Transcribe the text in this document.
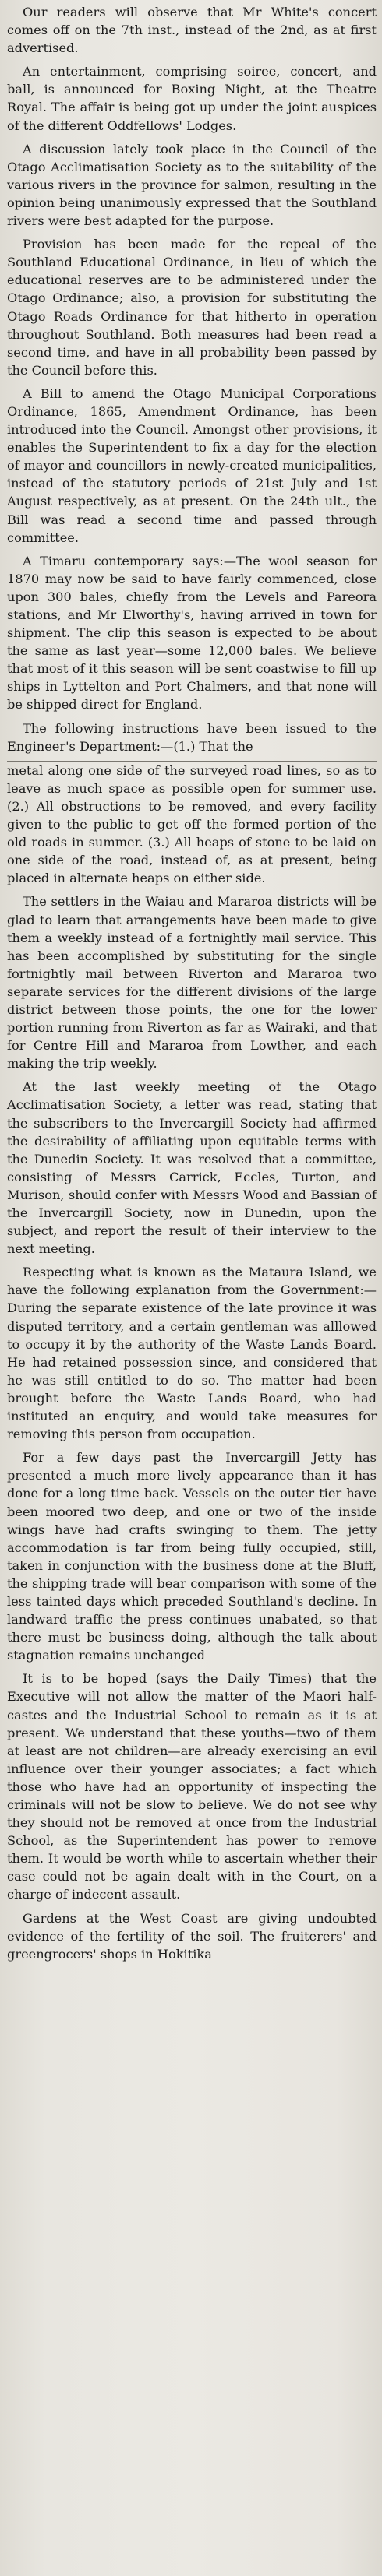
Our readers will observe that Mr White's concert comes off on the 7th inst., instead of the 2nd, as at first advertised.

An entertainment, comprising soiree, concert, and ball, is announced for Boxing Night, at the Theatre Royal. The affair is being got up under the joint auspices of the different Oddfellows' Lodges.

A discussion lately took place in the Council of the Otago Acclimatisation Society as to the suitability of the various rivers in the province for salmon, resulting in the opinion being unanimously expressed that the Southland rivers were best adapted for the purpose.

Provision has been made for the repeal of the Southland Educational Ordinance, in lieu of which the educational reserves are to be administered under the Otago Ordinance; also, a provision for substituting the Otago Roads Ordinance for that hitherto in operation throughout Southland. Both measures had been read a second time, and have in all probability been passed by the Council before this.

A Bill to amend the Otago Municipal Corporations Ordinance, 1865, Amendment Ordinance, has been introduced into the Council. Amongst other provisions, it enables the Superintendent to fix a day for the election of mayor and councillors in newly-created municipalities, instead of the statutory periods of 21st July and 1st August respectively, as at present. On the 24th ult., the Bill was read a second time and passed through committee.

A Timaru contemporary says:—The wool season for 1870 may now be said to have fairly commenced, close upon 300 bales, chiefly from the Levels and Pareora stations, and Mr Elworthy's, having arrived in town for shipment. The clip this season is expected to be about the same as last year—some 12,000 bales. We believe that most of it this season will be sent coastwise to fill up ships in Lyttelton and Port Chalmers, and that none will be shipped direct for England.

The following instructions have been issued to the Engineer's Department:—(1.) That the

metal along one side of the surveyed road lines, so as to leave as much space as possible open for summer use. (2.) All obstructions to be removed, and every facility given to the public to get off the formed portion of the old roads in summer. (3.) All heaps of stone to be laid on one side of the road, instead of, as at present, being placed in alternate heaps on either side.

The settlers in the Waiau and Mararoa districts will be glad to learn that arrangements have been made to give them a weekly instead of a fortnightly mail service. This has been accomplished by substituting for the single fortnightly mail between Riverton and Mararoa two separate services for the different divisions of the large district between those points, the one for the lower portion running from Riverton as far as Wairaki, and that for Centre Hill and Mararoa from Lowther, and each making the trip weekly.

At the last weekly meeting of the Otago Acclimatisation Society, a letter was read, stating that the subscribers to the Invercargill Society had affirmed the desirability of affiliating upon equitable terms with the Dunedin Society. It was resolved that a committee, consisting of Messrs Carrick, Eccles, Turton, and Murison, should confer with Messrs Wood and Bassian of the Invercargill Society, now in Dunedin, upon the subject, and report the result of their interview to the next meeting.

Respecting what is known as the Mataura Island, we have the following explanation from the Government:—During the separate existence of the late province it was disputed territory, and a certain gentleman was alllowed to occupy it by the authority of the Waste Lands Board. He had retained possession since, and considered that he was still entitled to do so. The matter had been brought before the Waste Lands Board, who had instituted an enquiry, and would take measures for removing this person from occupation.

For a few days past the Invercargill Jetty has presented a much more lively appearance than it has done for a long time back. Vessels on the outer tier have been moored two deep, and one or two of the inside wings have had crafts swinging to them. The jetty accommodation is far from being fully occupied, still, taken in conjunction with the business done at the Bluff, the shipping trade will bear comparison with some of the less tainted days which preceded Southland's decline. In landward traffic the press continues unabated, so that there must be business doing, although the talk about stagnation remains unchanged

It is to be hoped (says the Daily Times) that the Executive will not allow the matter of the Maori half-castes and the Industrial School to remain as it is at present. We understand that these youths—two of them at least are not children—are already exercising an evil influence over their younger associates; a fact which those who have had an opportunity of inspecting the criminals will not be slow to believe. We do not see why they should not be removed at once from the Industrial School, as the Superintendent has power to remove them. It would be worth while to ascertain whether their case could not be again dealt with in the Court, on a charge of indecent assault.

Gardens at the West Coast are giving undoubted evidence of the fertility of the soil. The fruiterers' and greengrocers' shops in Hokitika
